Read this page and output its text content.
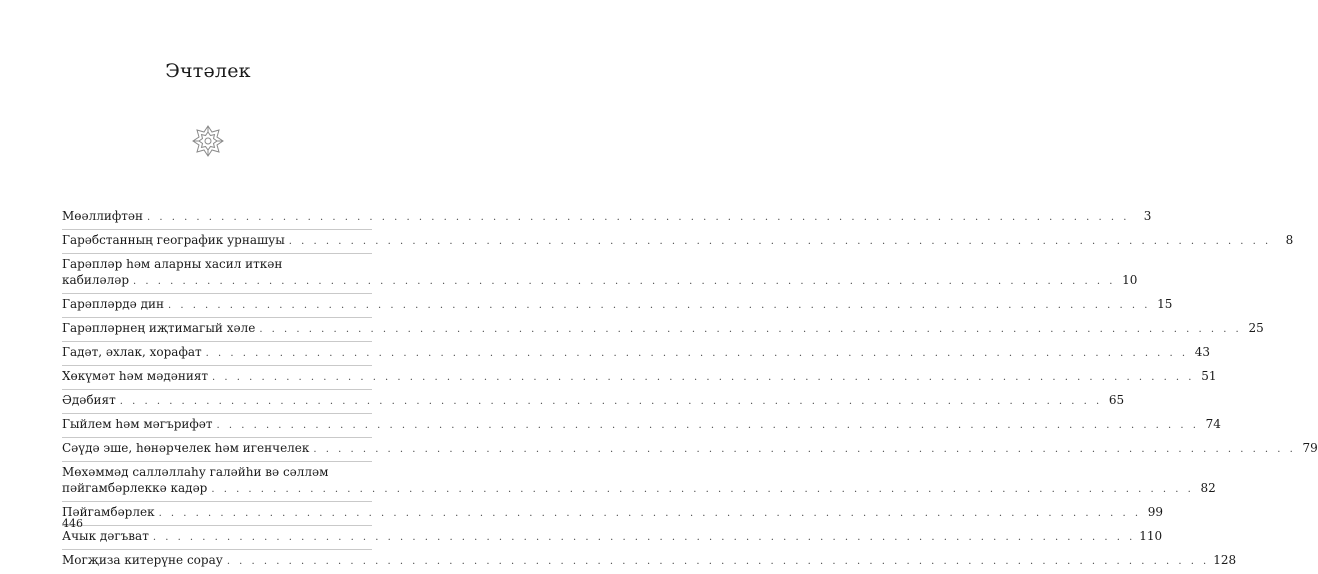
Эчтәлек
Мөәллифтән . . . . . . . . . . . . . . . . . . . . . . . . . . . . . . . . . . . . . . . . . . . . . . . . . . . . . . . . . . . . . . . . . . . . . . . . . . . . . . . .	3
Гарәбстанның географик урнашуы . . . . . . . . . . . . . . . . . . . . . . . . . . . . . . . . . . . . . . . . . . . . . . . . . . . . . . . . . . . . . . . . . . . . . . . . . . . . . . . .	8
Гарәпләр һәм аларны хасил иткән
кабиләләр . . . . . . . . . . . . . . . . . . . . . . . . . . . . . . . . . . . . . . . . . . . . . . . . . . . . . . . . . . . . . . . . . . . . . . . . . . . . . . . . 10
Гарәпләрдә дин . . . . . . . . . . . . . . . . . . . . . . . . . . . . . . . . . . . . . . . . . . . . . . . . . . . . . . . . . . . . . . . . . . . . . . . . . . . . . . . . 15
Гарәпләрнең иҗтимагый хәле . . . . . . . . . . . . . . . . . . . . . . . . . . . . . . . . . . . . . . . . . . . . . . . . . . . . . . . . . . . . . . . . . . . . . . . . . . . . . . . . 25
Гадәт, әхлак, хорафат . . . . . . . . . . . . . . . . . . . . . . . . . . . . . . . . . . . . . . . . . . . . . . . . . . . . . . . . . . . . . . . . . . . . . . . . . . . . . . . . 43
Хөкүмәт һәм мәдәният . . . . . . . . . . . . . . . . . . . . . . . . . . . . . . . . . . . . . . . . . . . . . . . . . . . . . . . . . . . . . . . . . . . . . . . . . . . . . . . . 51
Әдәбият . . . . . . . . . . . . . . . . . . . . . . . . . . . . . . . . . . . . . . . . . . . . . . . . . . . . . . . . . . . . . . . . . . . . . . . . . . . . . . . . 65
Гыйлем һәм мәгърифәт . . . . . . . . . . . . . . . . . . . . . . . . . . . . . . . . . . . . . . . . . . . . . . . . . . . . . . . . . . . . . . . . . . . . . . . . . . . . . . . . 74
Сәүдә эше, һөнәрчелек һәм игенчелек . . . . . . . . . . . . . . . . . . . . . . . . . . . . . . . . . . . . . . . . . . . . . . . . . . . . . . . . . . . . . . . . . . . . . . . . . . . . . . . . 79
Мөхәммәд салләллаһу галәйһи вә сәлләм
пәйгамбәрлеккә кадәр . . . . . . . . . . . . . . . . . . . . . . . . . . . . . . . . . . . . . . . . . . . . . . . . . . . . . . . . . . . . . . . . . . . . . . . . . . . . . . . . 82
Пәйгамбәрлек . . . . . . . . . . . . . . . . . . . . . . . . . . . . . . . . . . . . . . . . . . . . . . . . . . . . . . . . . . . . . . . . . . . . . . . . . . . . . . . . 99
Ачык дәгъват . . . . . . . . . . . . . . . . . . . . . . . . . . . . . . . . . . . . . . . . . . . . . . . . . . . . . . . . . . . . . . . . . . . . . . . . . . . . . . . . 110
Могҗиза китерүне сорау . . . . . . . . . . . . . . . . . . . . . . . . . . . . . . . . . . . . . . . . . . . . . . . . . . . . . . . . . . . . . . . . . . . . . . . . . . . . . . . . 128
446
